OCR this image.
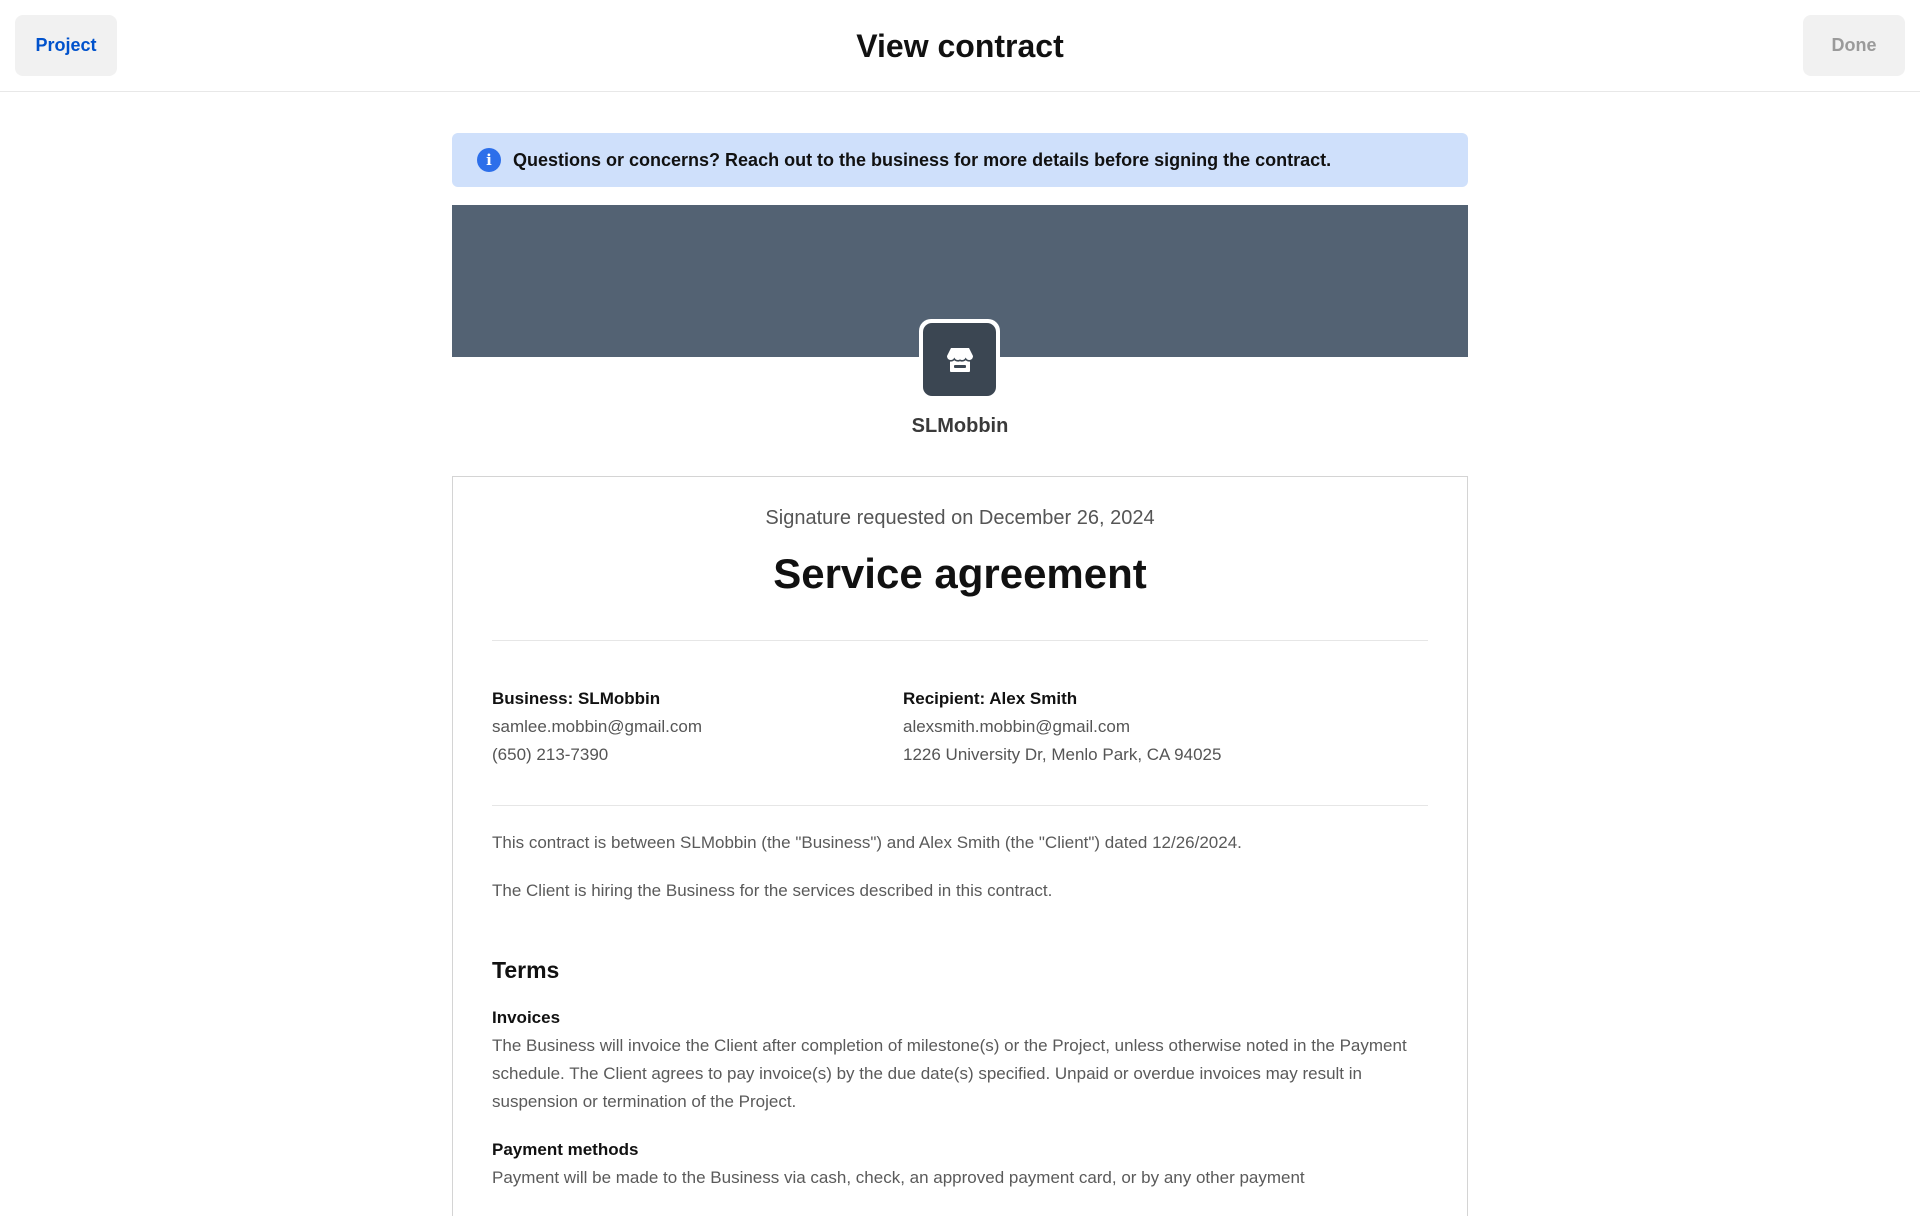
Project	View contract	Done
i	Questions or concerns? Reach out to the business for more details before signing the contract.
SLMobbin
Signature requested on December 26, 2024
Service agreement
Business: SLMobbin
samlee.mobbin@gmail.com
(650) 213-7390
Recipient: Alex Smith
alexsmith.mobbin@gmail.com
1226 University Dr, Menlo Park, CA 94025

This contract is between SLMobbin (the "Business") and Alex Smith (the "Client") dated 12/26/2024.

The Client is hiring the Business for the services described in this contract.

Terms
Invoices
The Business will invoice the Client after completion of milestone(s) or the Project, unless otherwise noted in the Payment schedule. The Client agrees to pay invoice(s) by the due date(s) specified. Unpaid or overdue invoices may result in suspension or termination of the Project.
Payment methods
Payment will be made to the Business via cash, check, an approved payment card, or by any other payment
